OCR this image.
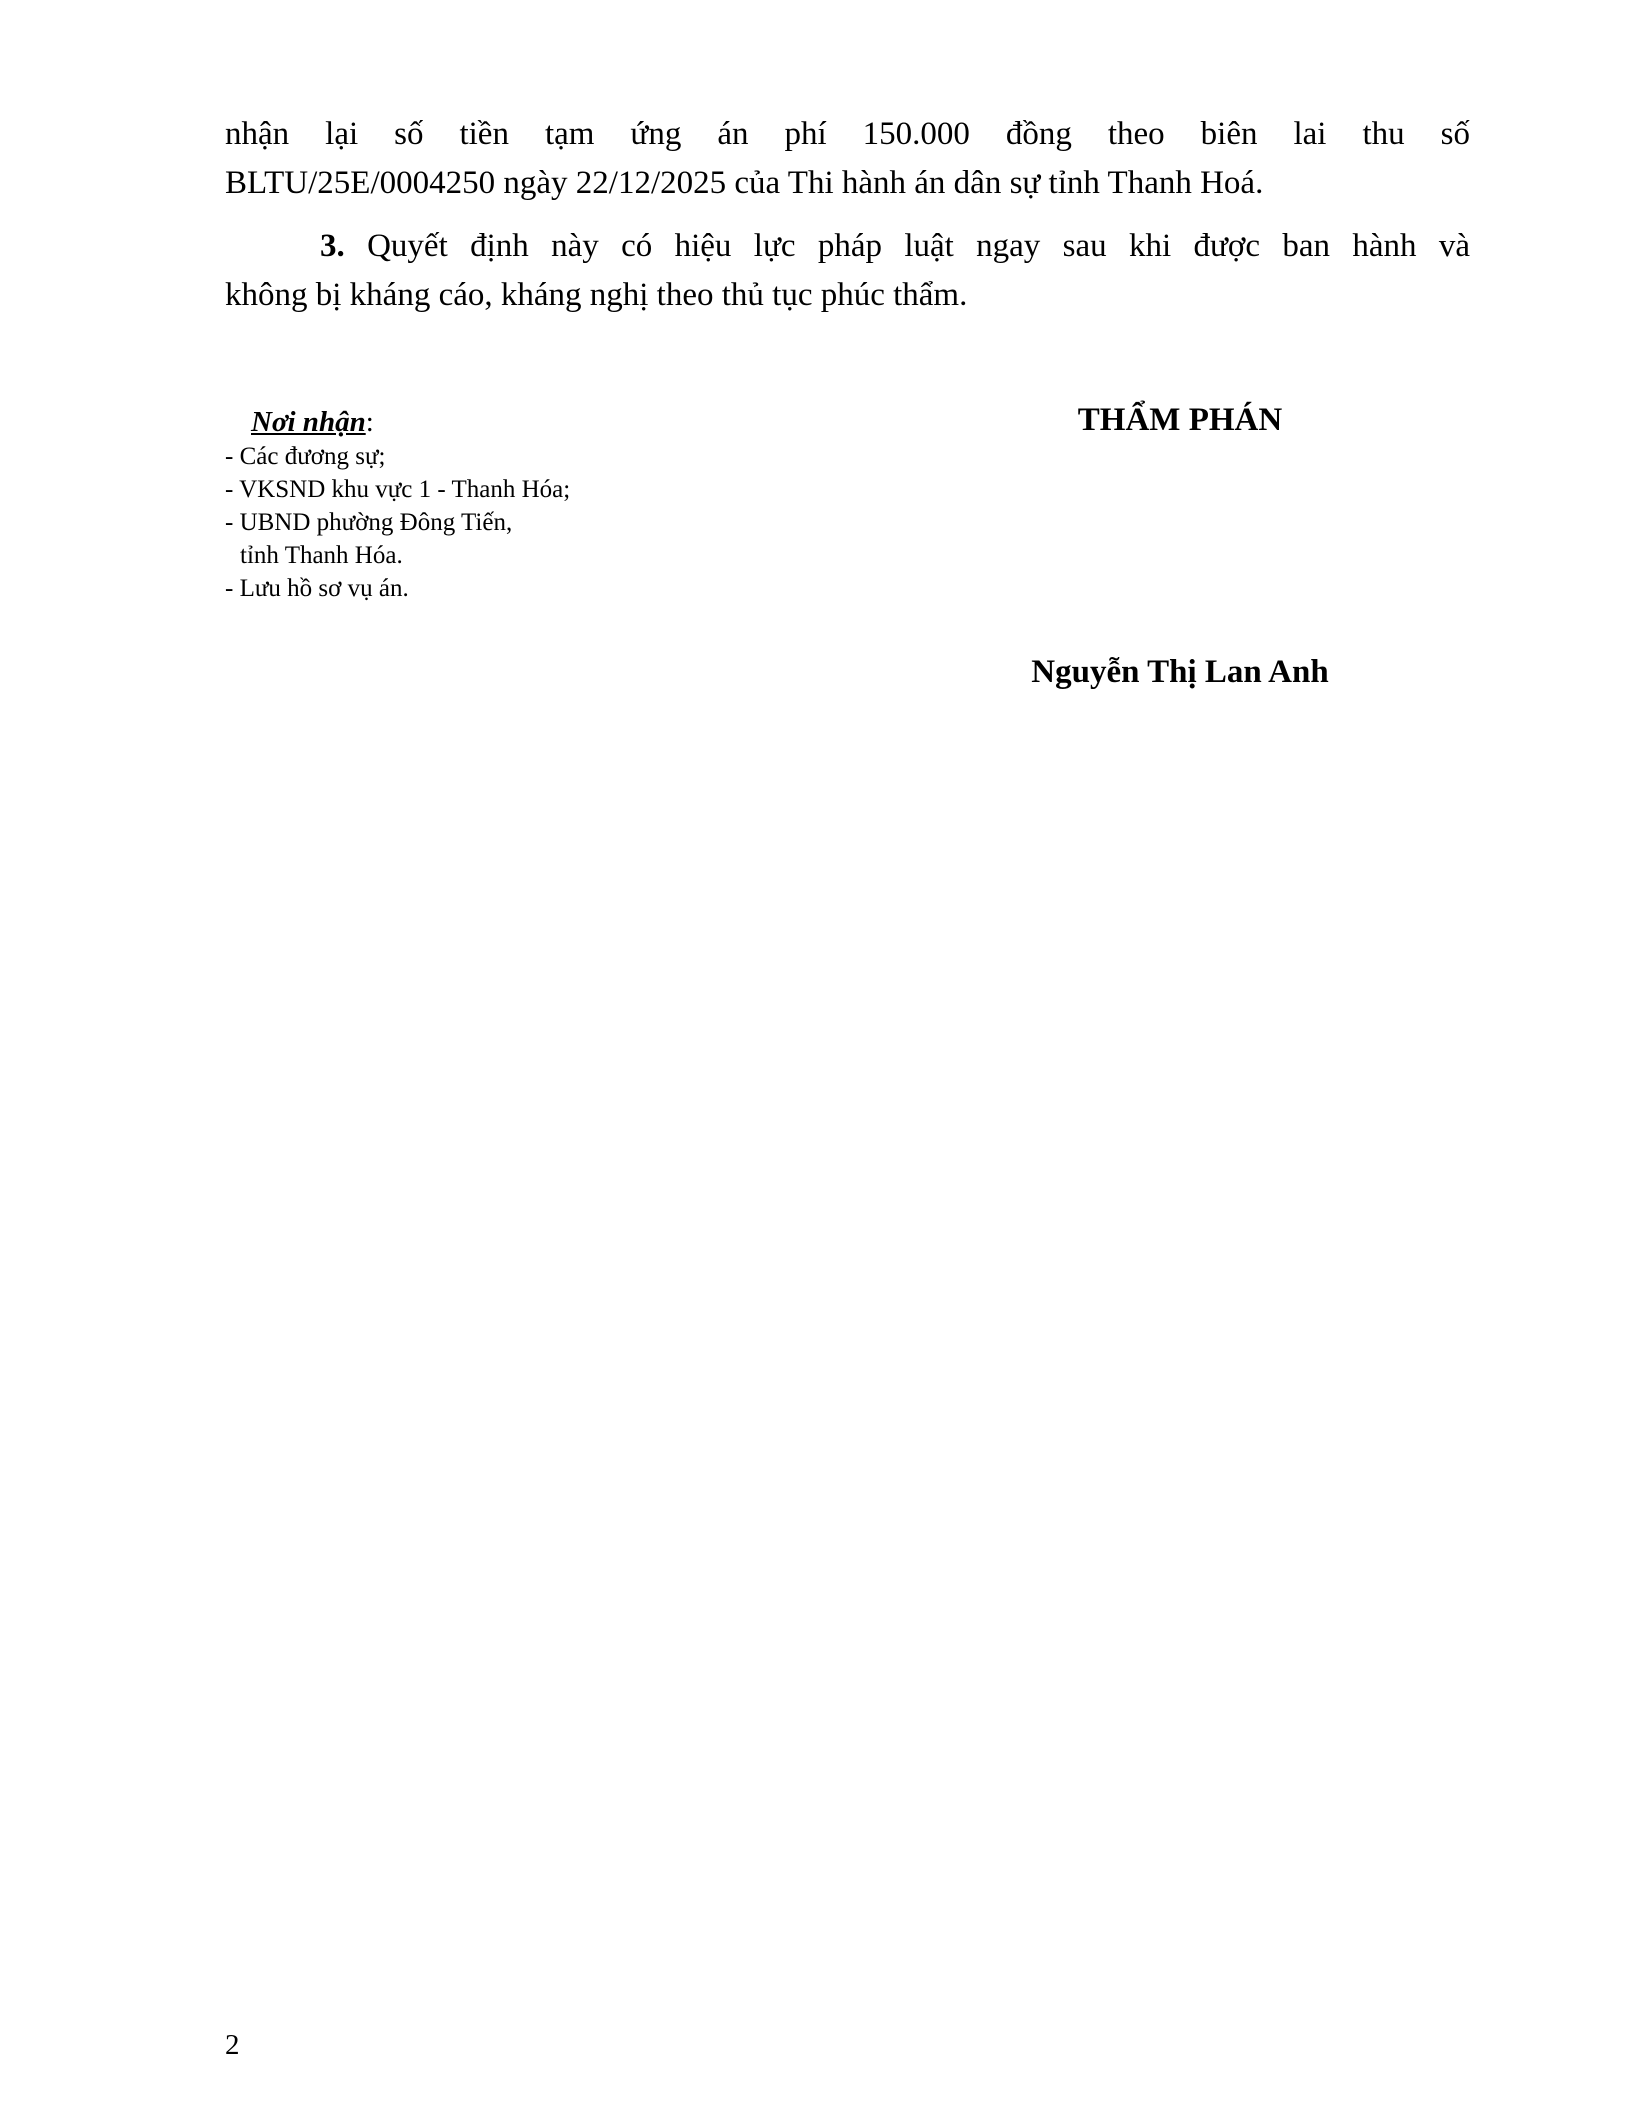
nhận lại số tiền tạm ứng án phí 150.000 đồng theo biên lai thu số
BLTU/25E/0004250 ngày 22/12/2025 của Thi hành án dân sự tỉnh Thanh Hoá.
3. Quyết định này có hiệu lực pháp luật ngay sau khi được ban hành và
không bị kháng cáo, kháng nghị theo thủ tục phúc thẩm.
Nơi nhận:
- Các đương sự;
- VKSND khu vực 1 - Thanh Hóa;
- UBND phường Đông Tiến,
tỉnh Thanh Hóa.
- Lưu hồ sơ vụ án.
THẨM PHÁN
Nguyễn Thị Lan Anh
2
